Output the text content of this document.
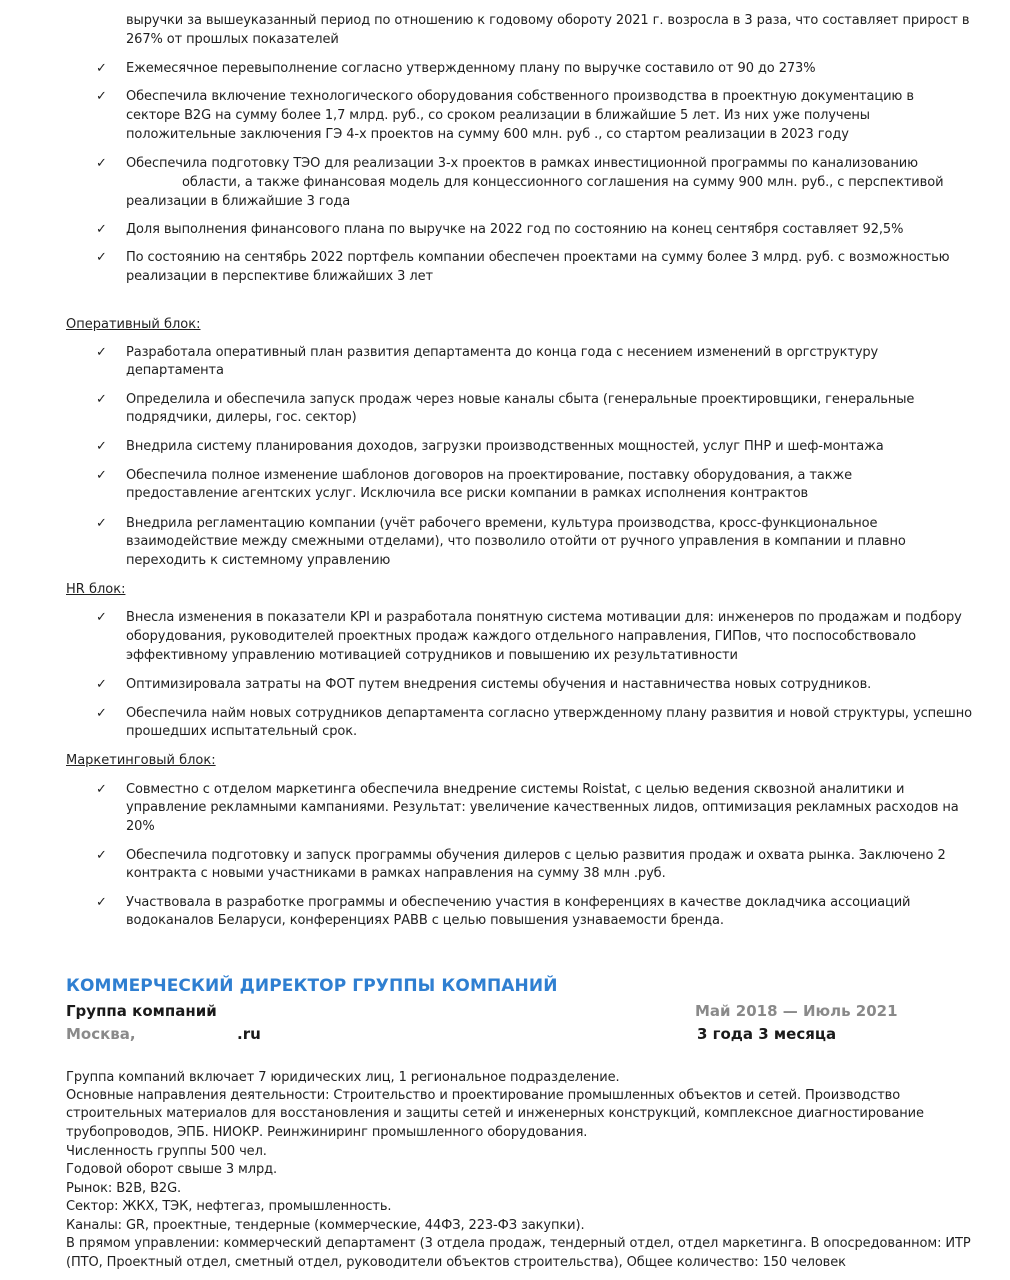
выручки за вышеуказанный период по отношению к годовому обороту 2021 г. возросла в 3 раза, что составляет прирост в
267% от прошлых показателей
✓ Ежемесячное перевыполнение согласно утвержденному плану по выручке составило от 90 до 273%
✓ Обеспечила включение технологического оборудования собственного производства в проектную документацию в
секторе B2G на сумму более 1,7 млрд. руб., со сроком реализации в ближайшие 5 лет. Из них уже получены
положительные заключения ГЭ 4-х проектов на сумму 600 млн. руб ., со стартом реализации в 2023 году
✓ Обеспечила подготовку ТЭО для реализации 3-х проектов в рамках инвестиционной программы по канализованию
области, а также финансовая модель для концессионного соглашения на сумму 900 млн. руб., с перспективой
реализации в ближайшие 3 года
✓ Доля выполнения финансового плана по выручке на 2022 год по состоянию на конец сентября составляет 92,5%
✓ По состоянию на сентябрь 2022 портфель компании обеспечен проектами на сумму более 3 млрд. руб. с возможностью
реализации в перспективе ближайших 3 лет
Оперативный блок:
✓ Разработала оперативный план развития департамента до конца года с несением изменений в оргструктуру
департамента
✓ Определила и обеспечила запуск продаж через новые каналы сбыта (генеральные проектировщики, генеральные
подрядчики, дилеры, гос. сектор)
✓ Внедрила систему планирования доходов, загрузки производственных мощностей, услуг ПНР и шеф-монтажа
✓ Обеспечила полное изменение шаблонов договоров на проектирование, поставку оборудования, а также
предоставление агентских услуг. Исключила все риски компании в рамках исполнения контрактов
✓ Внедрила регламентацию компании (учёт рабочего времени, культура производства, кросс-функциональное
взаимодействие между смежными отделами), что позволило отойти от ручного управления в компании и плавно
переходить к системному управлению
HR блок:
✓ Внесла изменения в показатели KPI и разработала понятную система мотивации для: инженеров по продажам и подбору
оборудования, руководителей проектных продаж каждого отдельного направления, ГИПов, что поспособствовало
эффективному управлению мотивацией сотрудников и повышению их результативности
✓ Оптимизировала затраты на ФОТ путем внедрения системы обучения и наставничества новых сотрудников.
✓ Обеспечила найм новых сотрудников департамента согласно утвержденному плану развития и новой структуры, успешно
прошедших испытательный срок.
Маркетинговый блок:
✓ Совместно с отделом маркетинга обеспечила внедрение системы Roistat, с целью ведения сквозной аналитики и
управление рекламными кампаниями. Результат: увеличение качественных лидов, оптимизация рекламных расходов на
20%
✓ Обеспечила подготовку и запуск программы обучения дилеров с целью развития продаж и охвата рынка. Заключено 2
контракта с новыми участниками в рамках направления на сумму 38 млн .руб.
✓ Участвовала в разработке программы и обеспечению участия в конференциях в качестве докладчика ассоциаций
водоканалов Беларуси, конференциях РАВВ с целью повышения узнаваемости бренда.
КОММЕРЧЕСКИЙ ДИРЕКТОР ГРУППЫ КОМПАНИЙ
Группа компаний
Москва,	.ru
Май 2018 — Июль 2021
3 года 3 месяца
Группа компаний включает 7 юридических лиц, 1 региональное подразделение.
Основные направления деятельности: Строительство и проектирование промышленных объектов и сетей. Производство
строительных материалов для восстановления и защиты сетей и инженерных конструкций, комплексное диагностирование
трубопроводов, ЭПБ. НИОКР. Реинжиниринг промышленного оборудования.
Численность группы 500 чел.
Годовой оборот свыше 3 млрд.
Рынок: B2B, B2G.
Сектор: ЖКХ, ТЭК, нефтегаз, промышленность.
Каналы: GR, проектные, тендерные (коммерческие, 44ФЗ, 223-ФЗ закупки).
В прямом управлении: коммерческий департамент (3 отдела продаж, тендерный отдел, отдел маркетинга. В опосредованном: ИТР
(ПТО, Проектный отдел, сметный отдел, руководители объектов строительства), Общее количество: 150 человек
